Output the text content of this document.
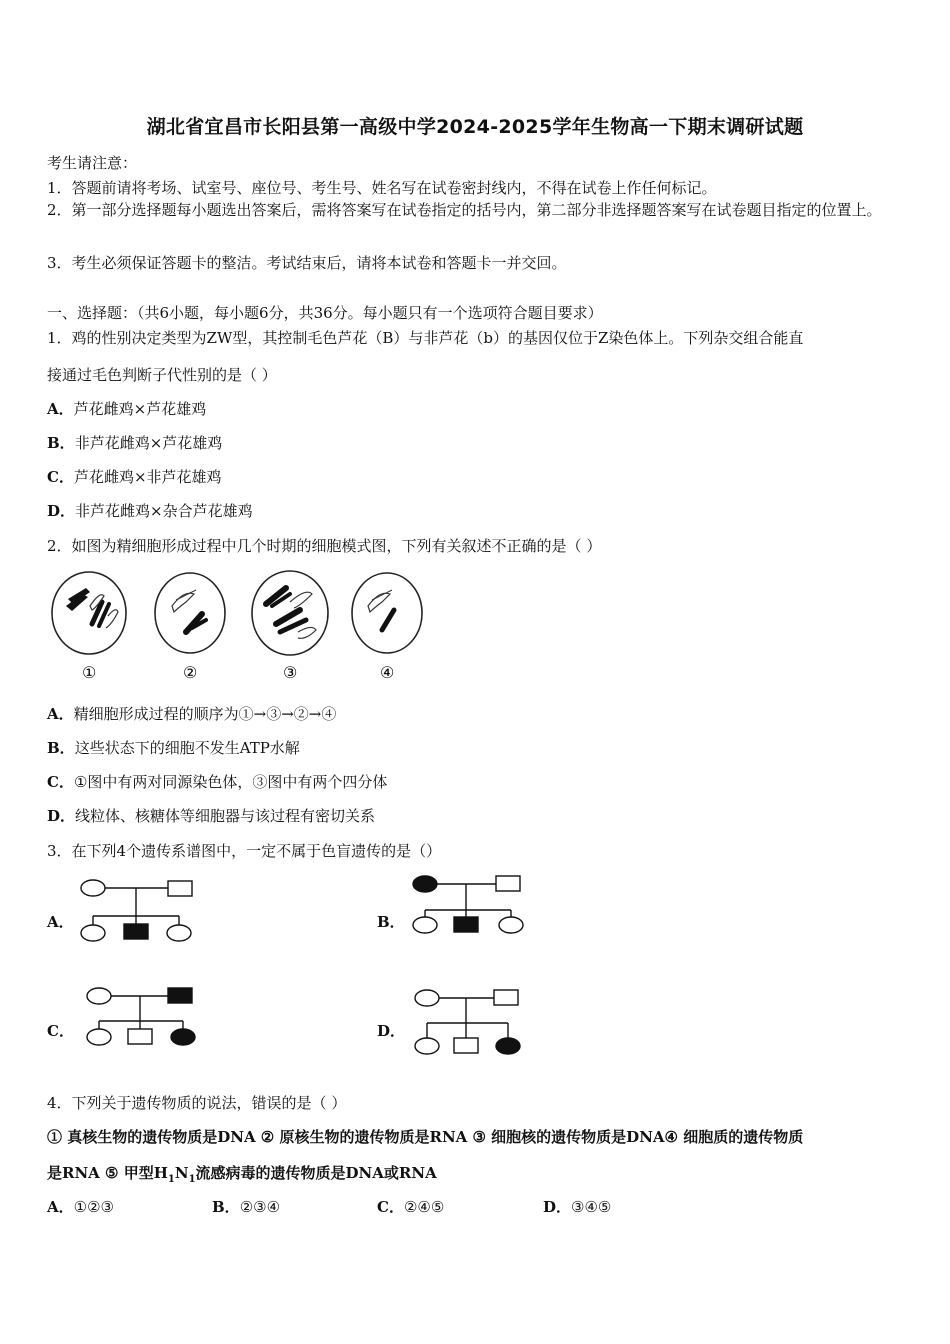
湖北省宜昌市长阳县第一高级中学2024-2025学年生物高一下期末调研试题
考生请注意：
1．答题前请将考场、试室号、座位号、考生号、姓名写在试卷密封线内，不得在试卷上作任何标记。
2．第一部分选择题每小题选出答案后，需将答案写在试卷指定的括号内，第二部分非选择题答案写在试卷题目指定的位置上。
3．考生必须保证答题卡的整洁。考试结束后，请将本试卷和答题卡一并交回。
一、选择题：（共6小题，每小题6分，共36分。每小题只有一个选项符合题目要求）
1．鸡的性别决定类型为ZW型，其控制毛色芦花（B）与非芦花（b）的基因仅位于Z染色体上。下列杂交组合能直
接通过毛色判断子代性别的是（ ）
A．芦花雌鸡×芦花雄鸡
B．非芦花雌鸡×芦花雄鸡
C．芦花雌鸡×非芦花雄鸡
D．非芦花雌鸡×杂合芦花雄鸡
2．如图为精细胞形成过程中几个时期的细胞模式图，下列有关叙述不正确的是（ ）
①	②	③	④
A．精细胞形成过程的顺序为①→③→②→④
B．这些状态下的细胞不发生ATP水解
C．①图中有两对同源染色体，③图中有两个四分体
D．线粒体、核糖体等细胞器与该过程有密切关系
3．在下列4个遗传系谱图中，一定不属于色盲遗传的是（）
A．	B．
C．	D．
4．下列关于遗传物质的说法，错误的是（ ）
① 真核生物的遗传物质是DNA ② 原核生物的遗传物质是RNA ③ 细胞核的遗传物质是DNA④ 细胞质的遗传物质
是RNA ⑤ 甲型$H_1N_1$流感病毒的遗传物质是DNA或RNA
A．①②③	B．②③④	C．②④⑤	D．③④⑤
